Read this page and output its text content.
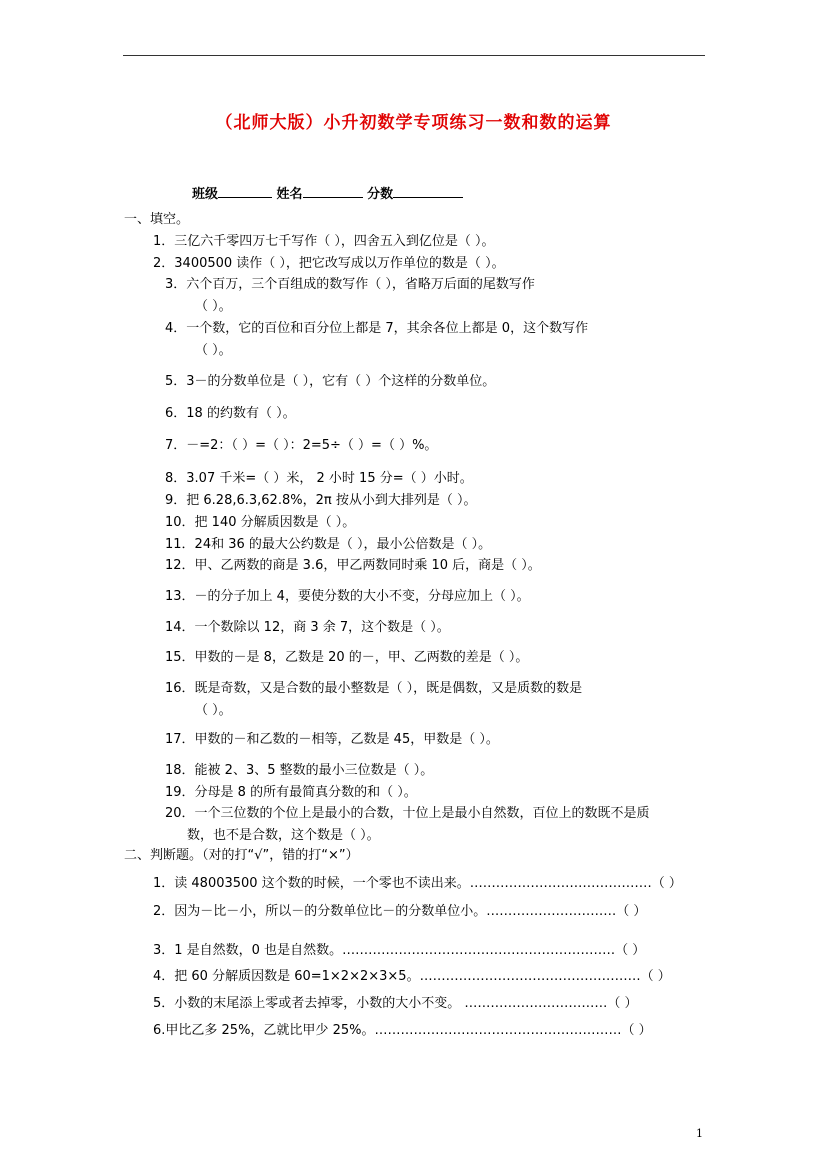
（北师大版）小升初数学专项练习一数和数的运算
班级	姓名	分数
一、填空。
1．三亿六千零四万七千写作（ ），四舍五入到亿位是（ ）。
2．3400500 读作（ ），把它改写成以万作单位的数是（ ）。
3．六个百万，三个百组成的数写作（ ），省略万后面的尾数写作
（ ）。
4．一个数，它的百位和百分位上都是 7，其余各位上都是 0，这个数写作
（ ）。
5．3－的分数单位是（ ），它有（ ）个这样的分数单位。
6．18 的约数有（ ）。
7．－=2：（ ）=（ ）：2=5÷（ ）=（ ）%。
8．3.07 千米=（ ）米， 2 小时 15 分=（ ）小时。
9．把 6.28,6.3,62.8%，2π 按从小到大排列是（ ）。
10．把 140 分解质因数是（ ）。
11．24和 36 的最大公约数是（ ），最小公倍数是（ ）。
12．甲、乙两数的商是 3.6，甲乙两数同时乘 10 后，商是（ ）。
13．－的分子加上 4，要使分数的大小不变，分母应加上（ ）。
14．一个数除以 12，商 3 余 7，这个数是（ ）。
15．甲数的－是 8，乙数是 20 的－，甲、乙两数的差是（ ）。
16．既是奇数，又是合数的最小整数是（ ），既是偶数，又是质数的数是
（ ）。
17．甲数的－和乙数的－相等，乙数是 45，甲数是（ ）。
18．能被 2、3、5 整数的最小三位数是（ ）。
19．分母是 8 的所有最简真分数的和（ ）。
20．一个三位数的个位上是最小的合数，十位上是最小自然数，百位上的数既不是质
数，也不是合数，这个数是（ ）。
二、判断题。（对的打“√”，错的打“×”）
1．读 48003500 这个数的时候，一个零也不读出来。……………………………………（ ）
2．因为－比－小，所以－的分数单位比－的分数单位小。…………………………（ ）
3．1 是自然数，0 也是自然数。………………………………………………………（ ）
4．把 60 分解质因数是 60=1×2×2×3×5。……………………………………………（ ）
5．小数的末尾添上零或者去掉零，小数的大小不变。 ……………………………（ ）
6.甲比乙多 25%，乙就比甲少 25%。…………………………………………………（ ）
1
